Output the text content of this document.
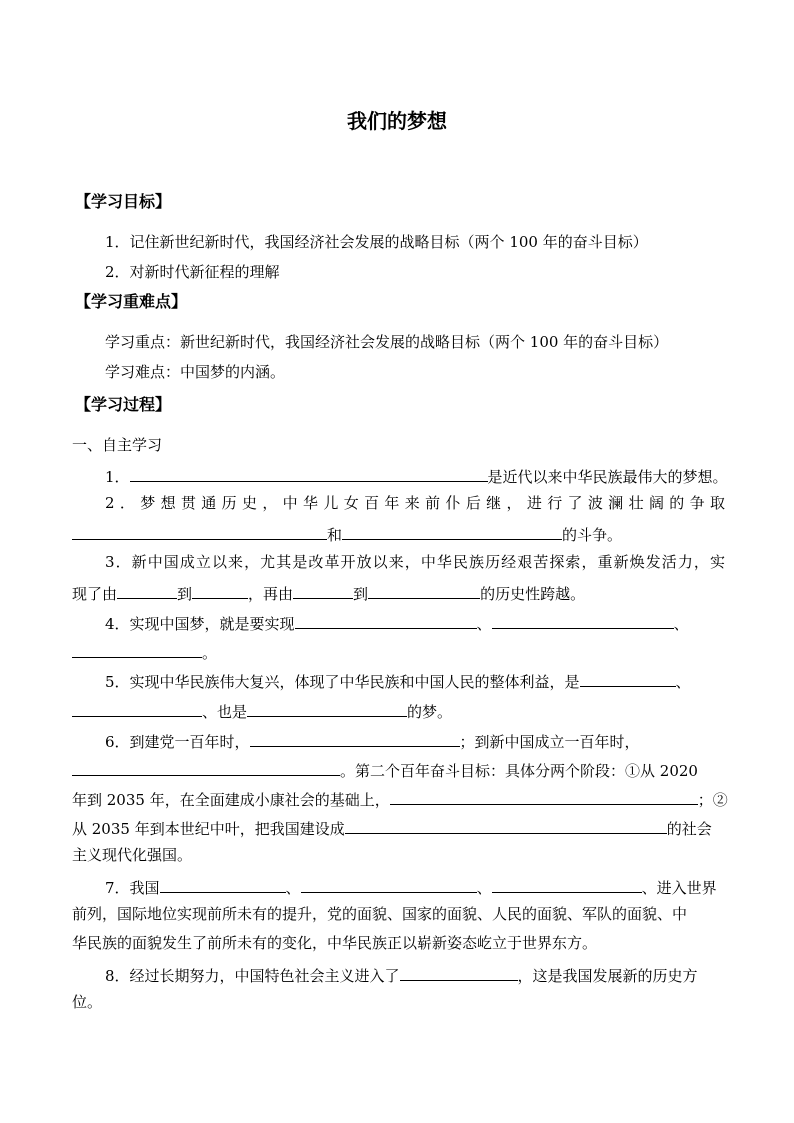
我们的梦想
【学习目标】
1．记住新世纪新时代，我国经济社会发展的战略目标（两个 100 年的奋斗目标）
2．对新时代新征程的理解
【学习重难点】
学习重点：新世纪新时代，我国经济社会发展的战略目标（两个 100 年的奋斗目标）
学习难点：中国梦的内涵。
【学习过程】
一、自主学习
1．	是近代以来中华民族最伟大的梦想。
2．梦想贯通历史，中华儿女百年来前仆后继，进行了波澜壮阔的争取
和	的斗争。
3．新中国成立以来，尤其是改革开放以来，中华民族历经艰苦探索，重新焕发活力，实
现了由	到	，再由	到	的历史性跨越。
4．实现中国梦，就是要实现	、	、
。
5．实现中华民族伟大复兴，体现了中华民族和中国人民的整体利益，是	、
、也是	的梦。
6．到建党一百年时，	；到新中国成立一百年时，
。第二个百年奋斗目标：具体分两个阶段：①从 2020
年到 2035 年，在全面建成小康社会的基础上，	；②
从 2035 年到本世纪中叶，把我国建设成	的社会
主义现代化强国。
7．我国	、	、	、进入世界
前列，国际地位实现前所未有的提升，党的面貌、国家的面貌、人民的面貌、军队的面貌、中
华民族的面貌发生了前所未有的变化，中华民族正以崭新姿态屹立于世界东方。
8．经过长期努力，中国特色社会主义进入了	，这是我国发展新的历史方
位。
